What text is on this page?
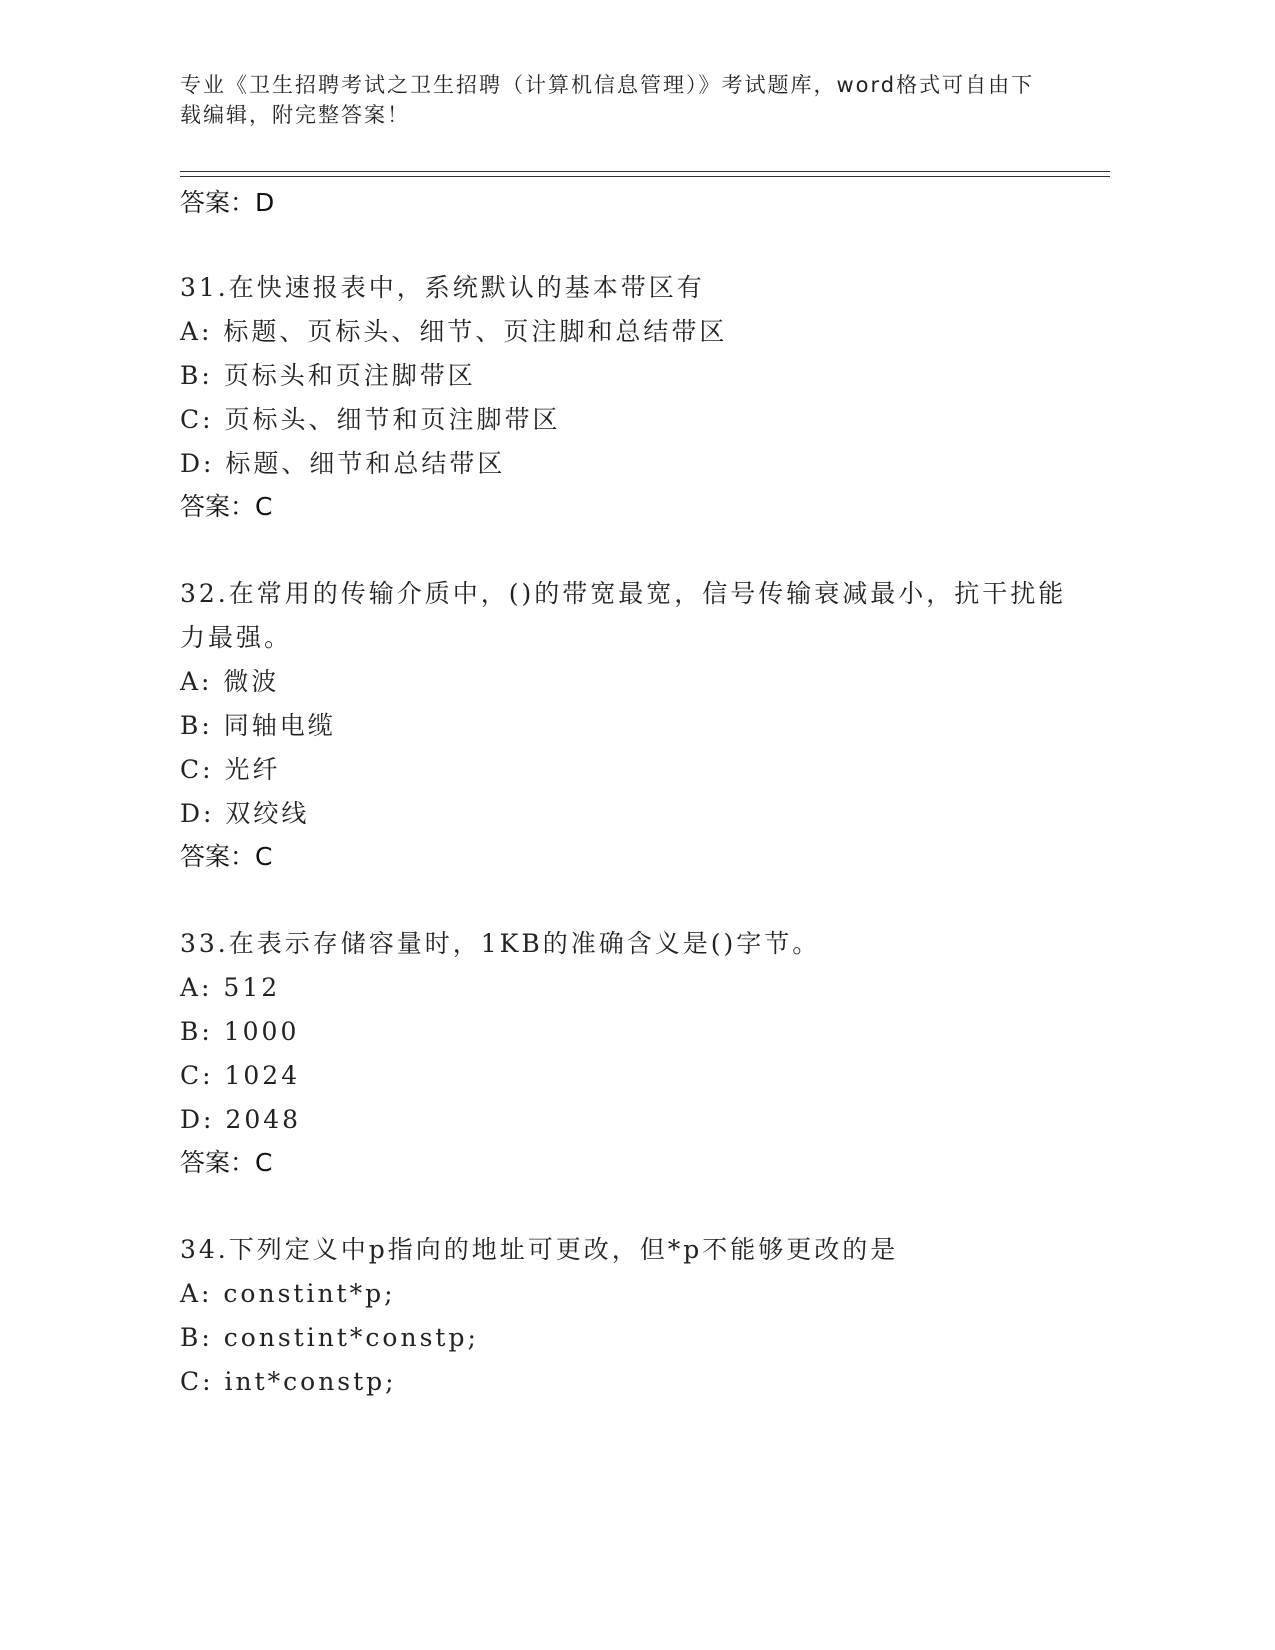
专业《卫生招聘考试之卫生招聘（计算机信息管理）》考试题库，word格式可自由下载编辑，附完整答案！
答案：D
31.在快速报表中，系统默认的基本带区有
A: 标题、页标头、细节、页注脚和总结带区
B: 页标头和页注脚带区
C: 页标头、细节和页注脚带区
D: 标题、细节和总结带区
答案：C
32.在常用的传输介质中，()的带宽最宽，信号传输衰减最小，抗干扰能力最强。
A: 微波
B: 同轴电缆
C: 光纤
D: 双绞线
答案：C
33.在表示存储容量时，1KB的准确含义是()字节。
A: 512
B: 1000
C: 1024
D: 2048
答案：C
34.下列定义中p指向的地址可更改，但*p不能够更改的是
A: constint*p;
B: constint*constp;
C: int*constp;
